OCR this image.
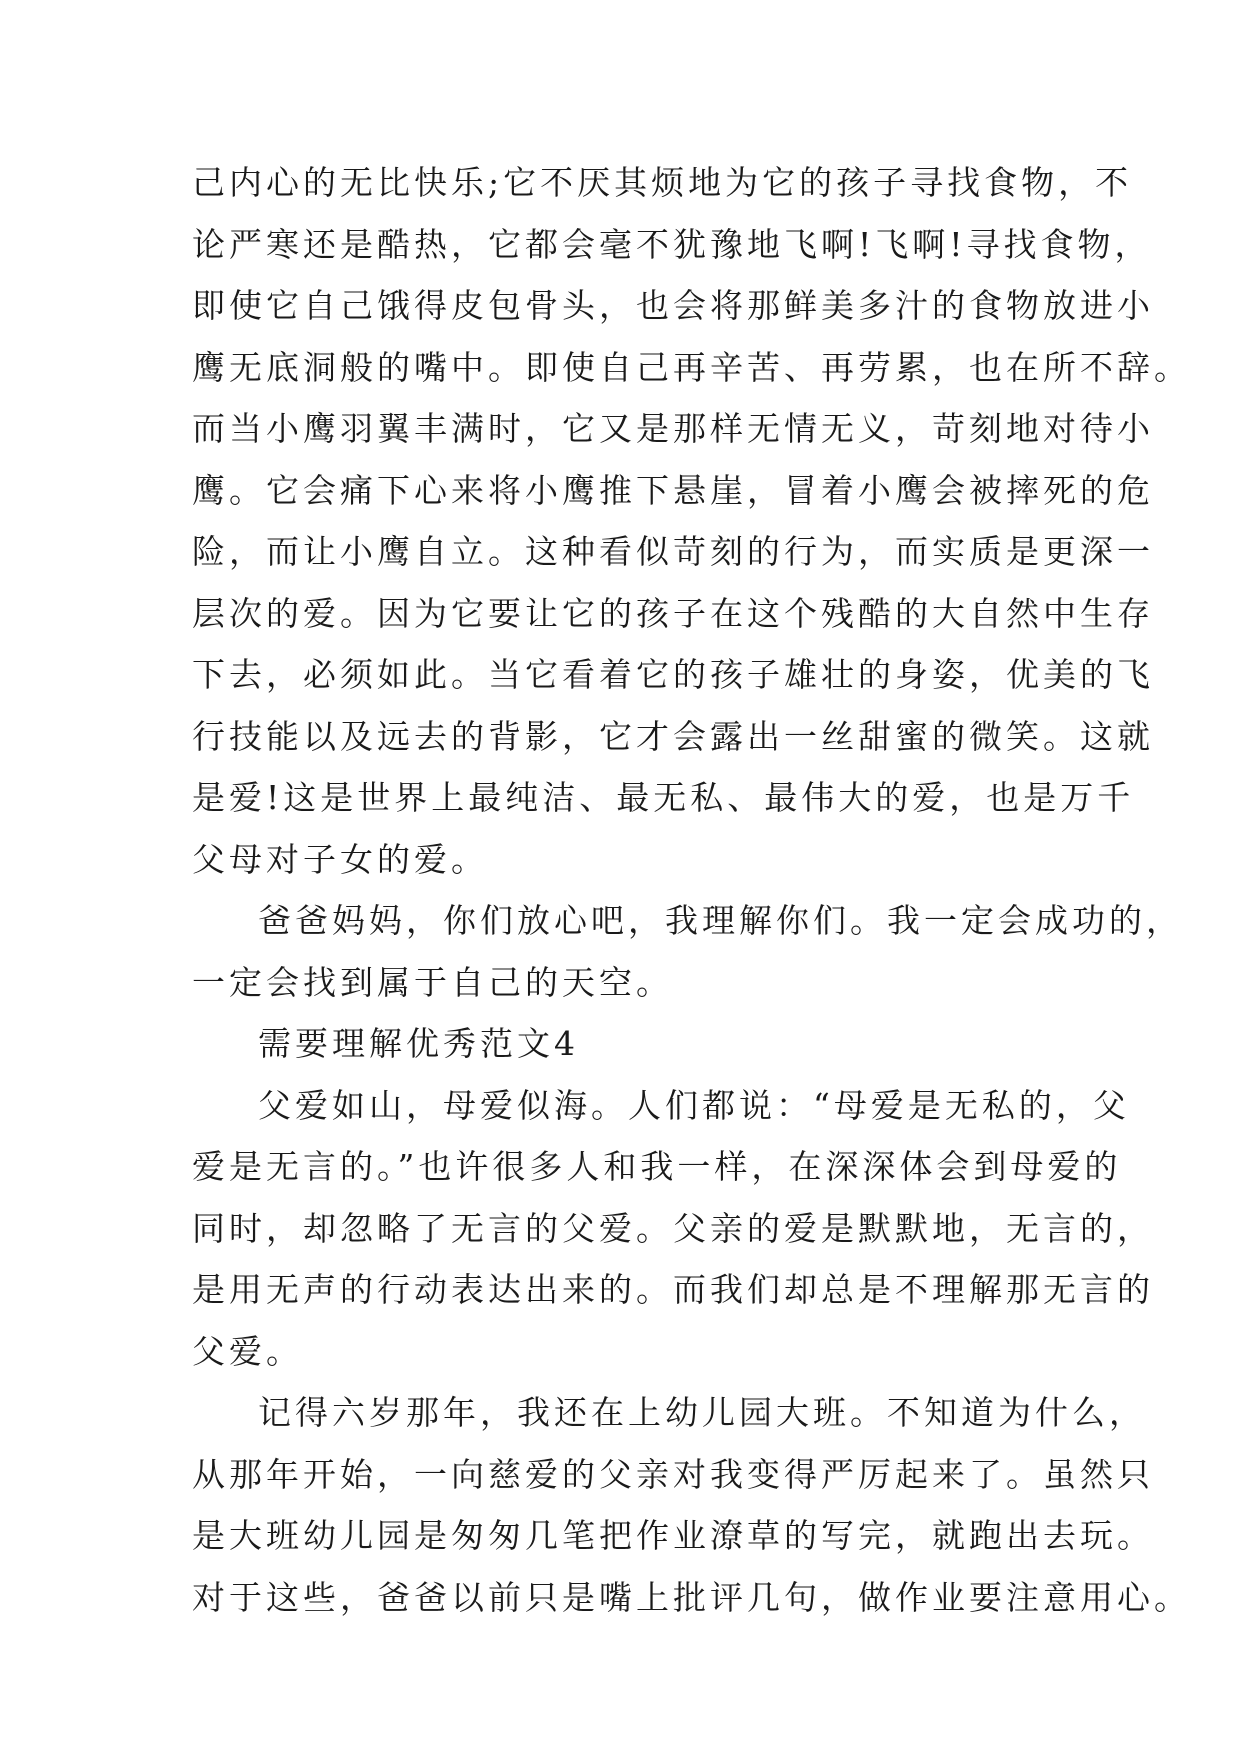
己内心的无比快乐;它不厌其烦地为它的孩子寻找食物，不
论严寒还是酷热，它都会毫不犹豫地飞啊!飞啊!寻找食物，
即使它自己饿得皮包骨头，也会将那鲜美多汁的食物放进小
鹰无底洞般的嘴中。即使自己再辛苦、再劳累，也在所不辞。
而当小鹰羽翼丰满时，它又是那样无情无义，苛刻地对待小
鹰。它会痛下心来将小鹰推下悬崖，冒着小鹰会被摔死的危
险，而让小鹰自立。这种看似苛刻的行为，而实质是更深一
层次的爱。因为它要让它的孩子在这个残酷的大自然中生存
下去，必须如此。当它看着它的孩子雄壮的身姿，优美的飞
行技能以及远去的背影，它才会露出一丝甜蜜的微笑。这就
是爱!这是世界上最纯洁、最无私、最伟大的爱，也是万千
父母对子女的爱。
爸爸妈妈，你们放心吧，我理解你们。我一定会成功的，
一定会找到属于自己的天空。
需要理解优秀范文4
父爱如山，母爱似海。人们都说：“母爱是无私的，父
爱是无言的。”也许很多人和我一样，在深深体会到母爱的
同时，却忽略了无言的父爱。父亲的爱是默默地，无言的，
是用无声的行动表达出来的。而我们却总是不理解那无言的
父爱。
记得六岁那年，我还在上幼儿园大班。不知道为什么，
从那年开始，一向慈爱的父亲对我变得严厉起来了。虽然只
是大班幼儿园是匆匆几笔把作业潦草的写完，就跑出去玩。
对于这些，爸爸以前只是嘴上批评几句，做作业要注意用心。
